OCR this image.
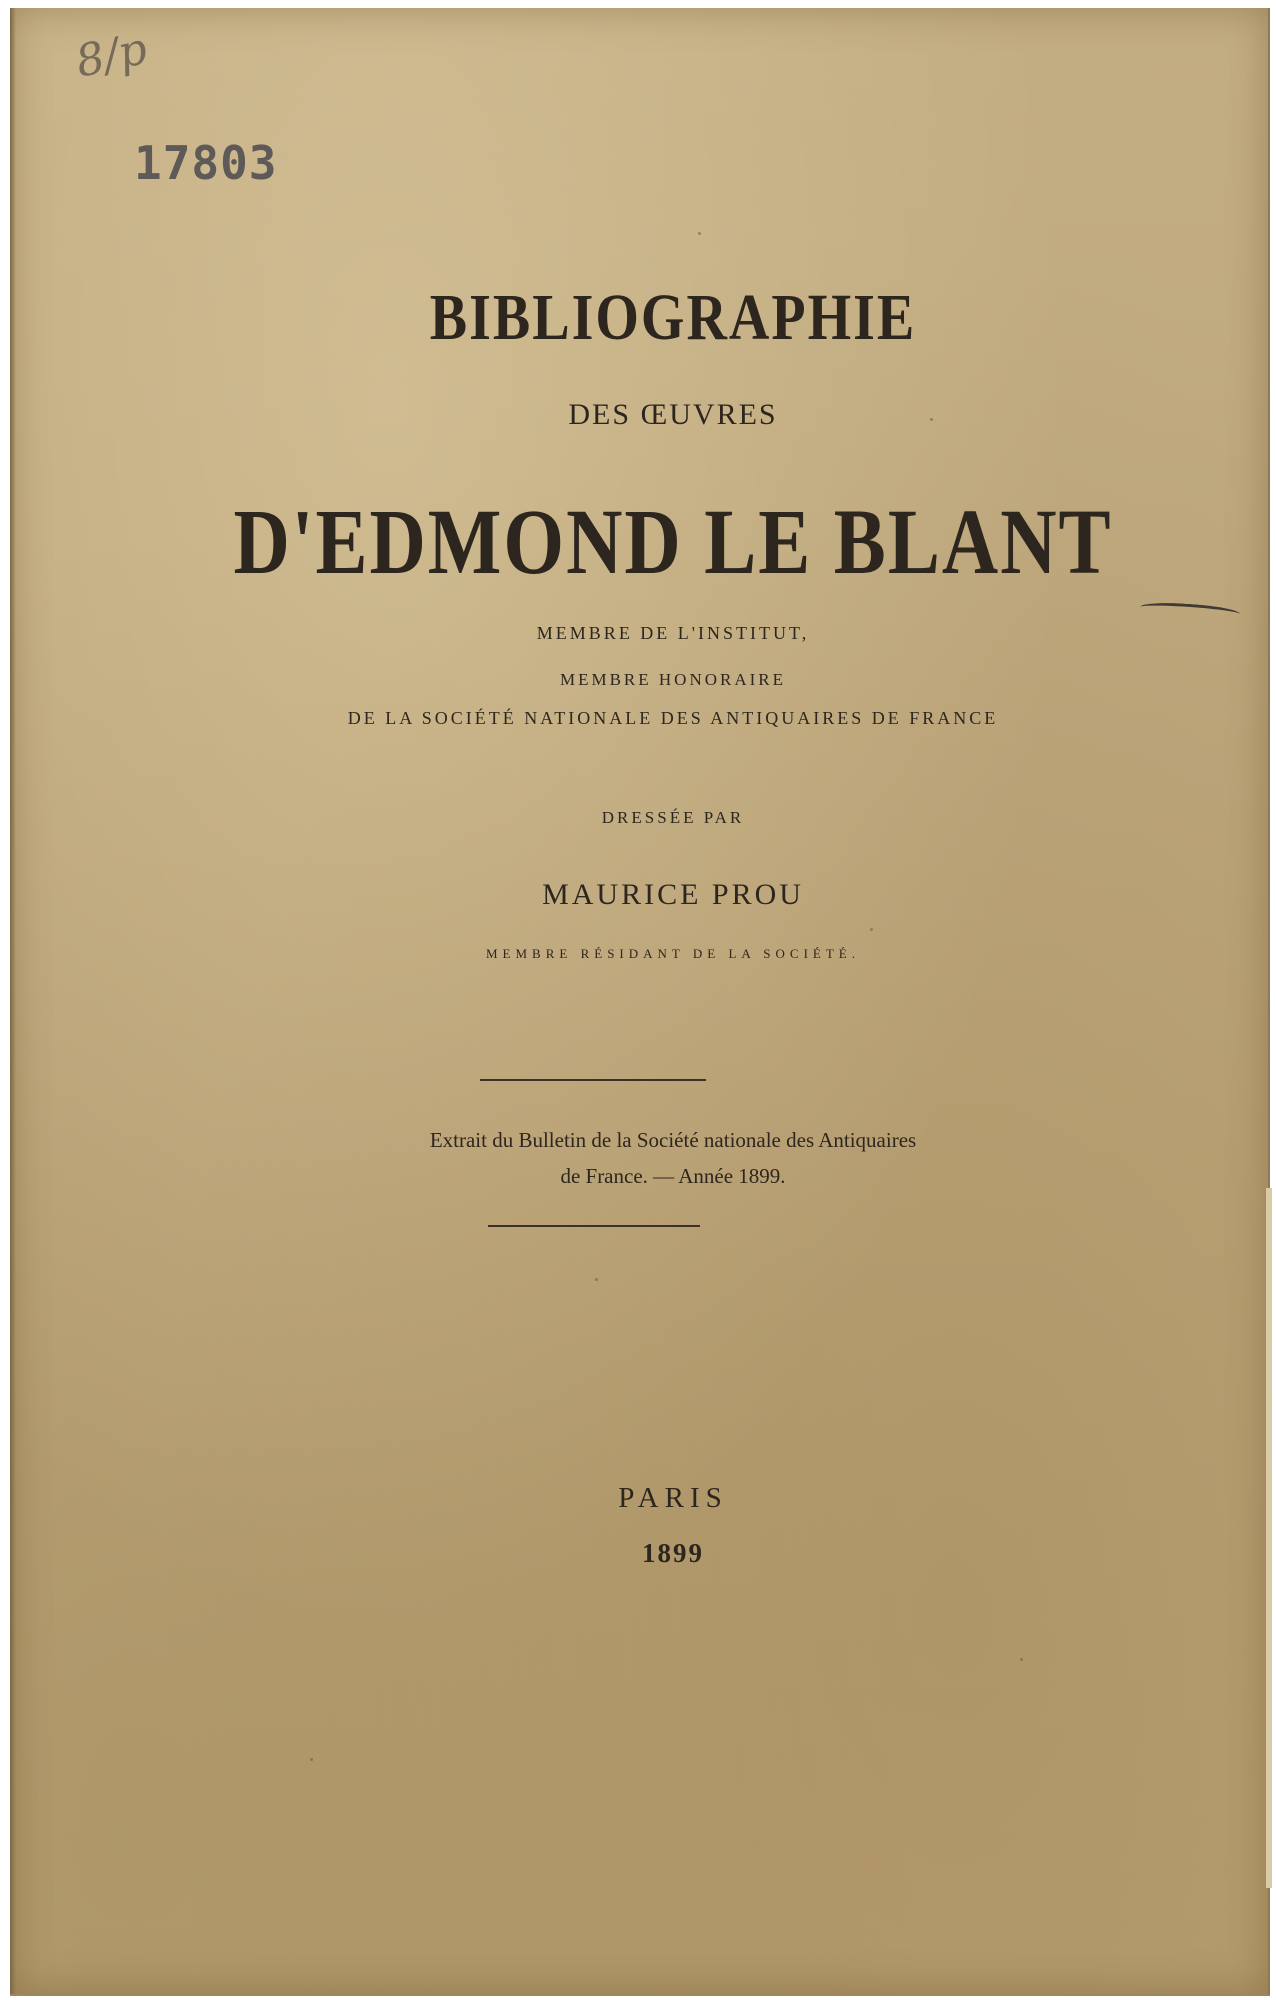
8/p
17803
BIBLIOGRAPHIE
DES ŒUVRES
D'EDMOND LE BLANT
MEMBRE DE L'INSTITUT,
MEMBRE HONORAIRE
DE LA SOCIÉTÉ NATIONALE DES ANTIQUAIRES DE FRANCE
DRESSÉE PAR
MAURICE PROU
MEMBRE RÉSIDANT DE LA SOCIÉTÉ.
Extrait du Bulletin de la Société nationale des Antiquaires
de France. — Année 1899.
PARIS
1899
